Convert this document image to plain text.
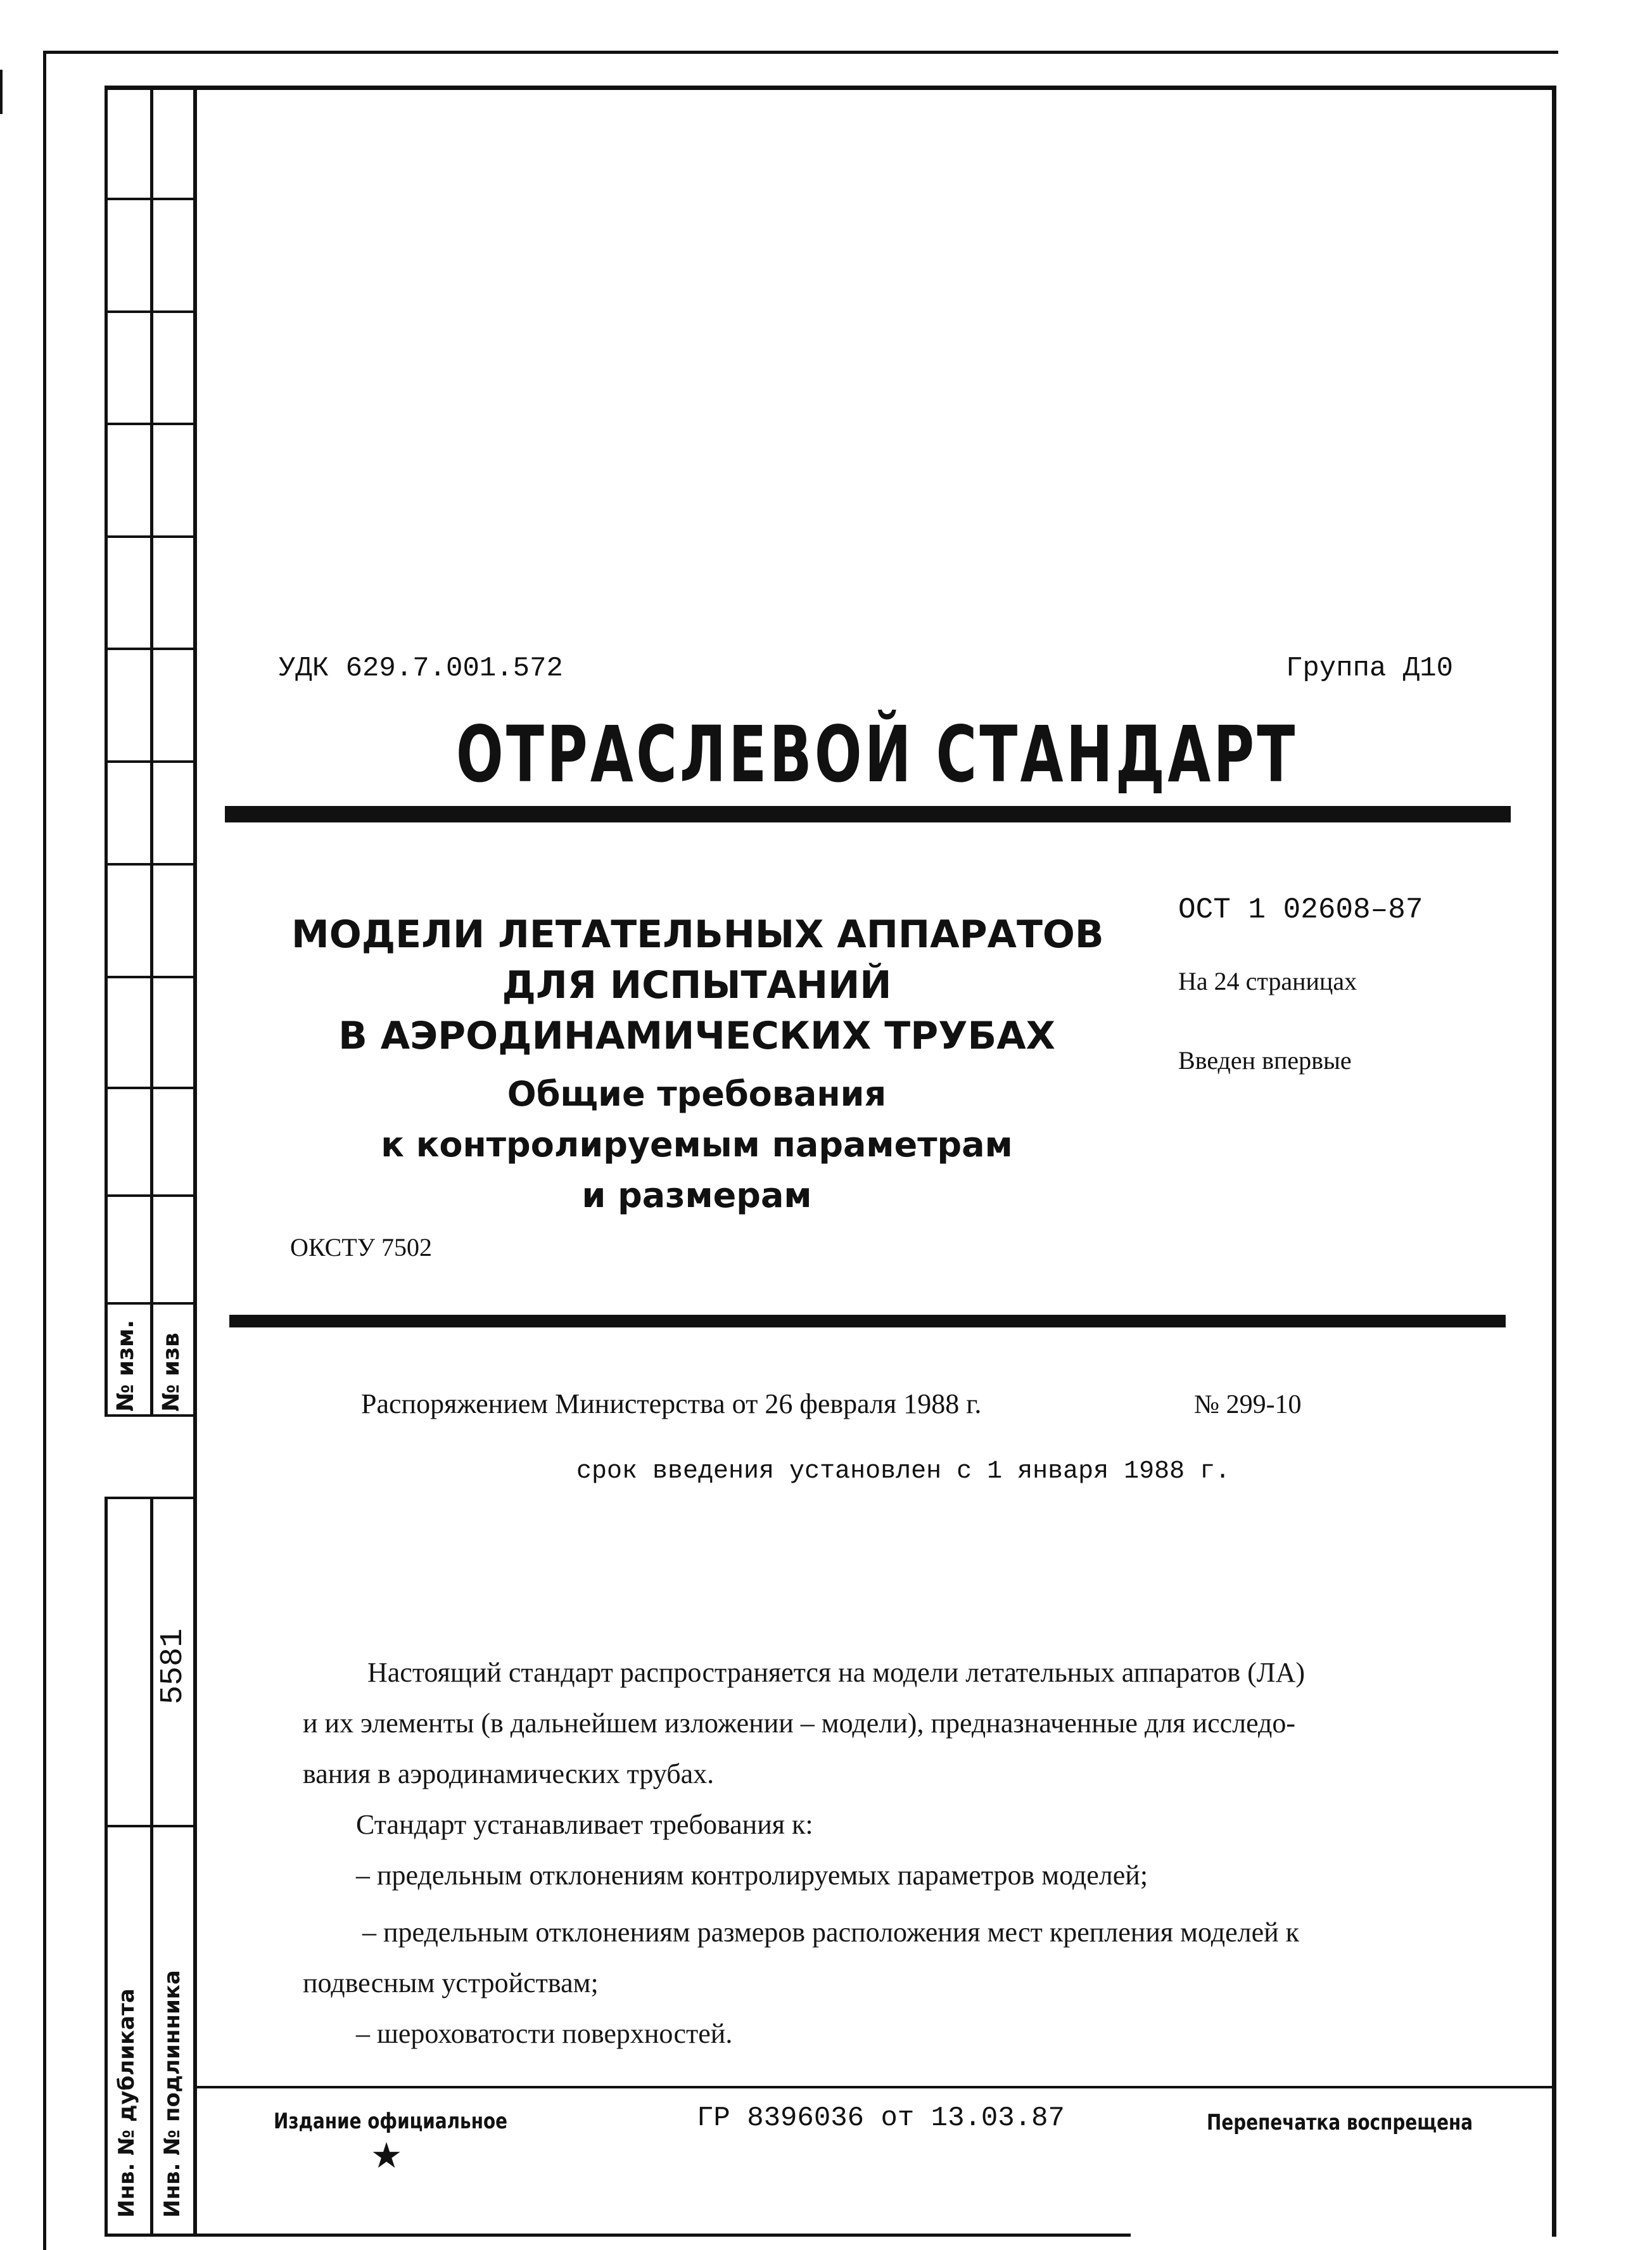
№ изм. № изв
5581
Инв. № дубликата Инв. № подлинника
УДК 629.7.001.572	Группа Д10
ОТРАСЛЕВОЙ СТАНДАРТ
МОДЕЛИ ЛЕТАТЕЛЬНЫХ АППАРАТОВ
ДЛЯ ИСПЫТАНИЙ
В АЭРОДИНАМИЧЕСКИХ ТРУБАХ
Общие требования
к контролируемым параметрам
и размерам
ОСТ 1 02608–87
На 24 страницах
Введен впервые
ОКСТУ 7502
Распоряжением Министерства от 26 февраля 1988 г.	№ 299-10
срок введения установлен с 1 января 1988 г.
Настоящий стандарт распространяется на модели летательных аппаратов (ЛА)
и их элементы (в дальнейшем изложении – модели), предназначенные для исследо-
вания в аэродинамических трубах.
Стандарт устанавливает требования к:
– предельным отклонениям контролируемых параметров моделей;
– предельным отклонениям размеров расположения мест крепления моделей к
подвесным устройствам;
– шероховатости поверхностей.
Издание официальное
★
ГР 8396036 от 13.03.87	Перепечатка воспрещена
